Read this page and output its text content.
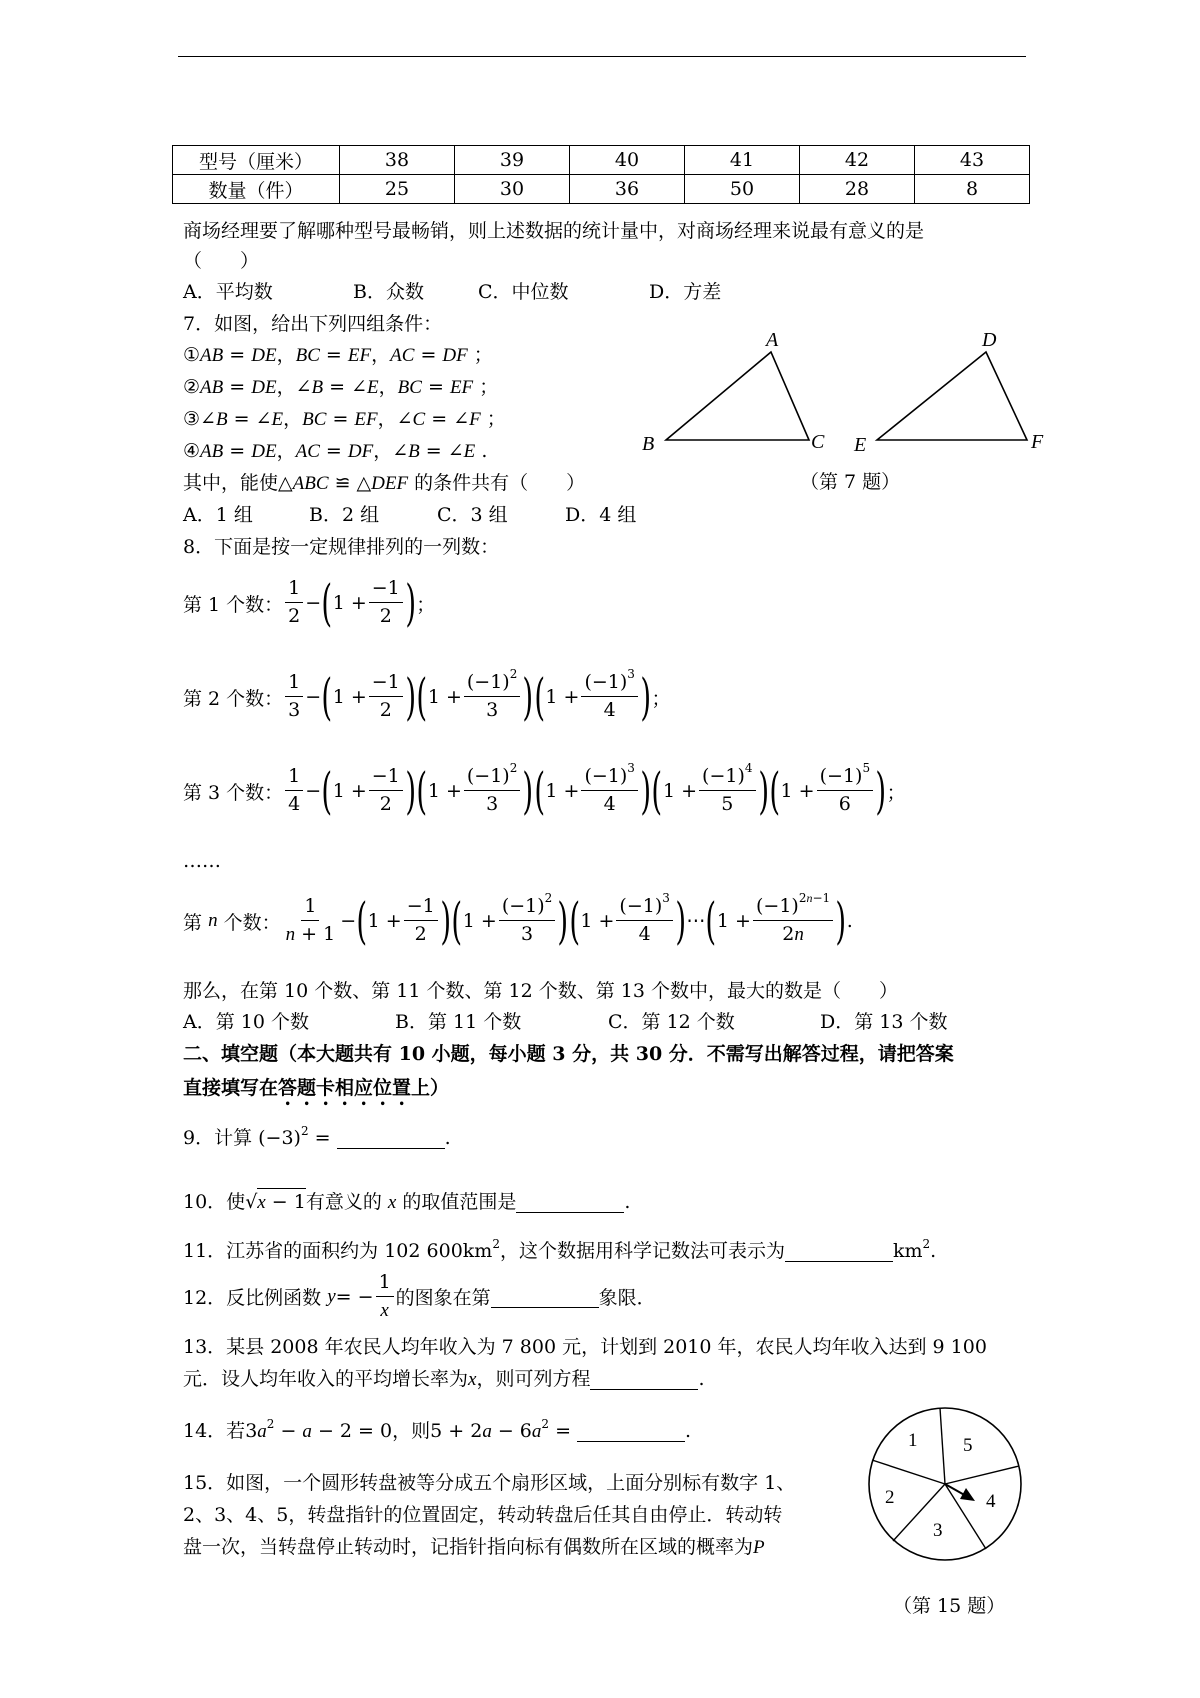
型号（厘米）	38	39	40	41	42	43
数量（件）	25	30	36	50	28	8
商场经理要了解哪种型号最畅销，则上述数据的统计量中，对商场经理来说最有意义的是
（　　）
A．平均数	B．众数	C．中位数	D．方差
7．如图，给出下列四组条件：
①AB = DE，BC = EF，AC = DF ；
②AB = DE，∠B = ∠E，BC = EF ；
③∠B = ∠E，BC = EF，∠C = ∠F ；
④AB = DE，AC = DF，∠B = ∠E .
其中，能使△ABC ≌ △DEF 的条件共有（　　）
A．1 组	B．2 组	C．3 组	D．4 组
A
B	C
D
E	F
（第 7 题）
8．下面是按一定规律排列的一列数：
第 1 个数： $\frac{1}{2}$ − ( $1 + \frac{-1}{2}$ ) ；
第 2 个数： $\frac{1}{3}$ − ( $1 + \frac{-1}{2}$ ) ( $1 + \frac{(-1)^2}{3}$ ) ( $1 + \frac{(-1)^3}{4}$ ) ；
第 3 个数： $\frac{1}{4}$ − ( $1 + \frac{-1}{2}$ ) ( $1 + \frac{(-1)^2}{3}$ ) ( $1 + \frac{(-1)^3}{4}$ ) ( $1 + \frac{(-1)^4}{5}$ ) ( $1 + \frac{(-1)^5}{6}$ ) ；
……
第
n
个数： $\frac{1}{n + 1}$ − ( $1 + \frac{-1}{2}$ ) ( $1 + \frac{(-1)^2}{3}$ ) ( $1 + \frac{(-1)^3}{4}$ ) ⋯ ( $1 + \frac{(-1)^{2n-1}}{2n}$ ) .
那么，在第 10 个数、第 11 个数、第 12 个数、第 13 个数中，最大的数是（　　）
A．第 10 个数	B．第 11 个数	C．第 12 个数	D．第 13 个数
二、填空题（本大题共有 10 小题，每小题 3 分，共 30 分．不需写出解答过程，请把答案
直接填写在答题卡相应位置上）
9．计算 $(-3)^2$ =	.
10．使√x − 1有意义的 x 的取值范围是	.
11．江苏省的面积约为 102 $600km^2$，这个数据用科学记数法可表示为	$km^2$.
12．反比例函数
y = − $\frac{1}{x}$ 的图象在第
	象限．
13．某县 2008 年农民人均年收入为 7 800 元，计划到 2010 年，农民人均年收入达到 9 100
元．设人均年收入的平均增长率为x，则可列方程	.
14．若$3a^2 - a - 2 = 0$，则$5 + 2a - 6a^2$ =	.
15．如图，一个圆形转盘被等分成五个扇形区域，上面分别标有数字 1、
2、3、4、5，转盘指针的位置固定，转动转盘后任其自由停止．转动转
盘一次，当转盘停止转动时，记指针指向标有偶数所在区域的概率为P
1 5
4
3
2
（第 15 题）
